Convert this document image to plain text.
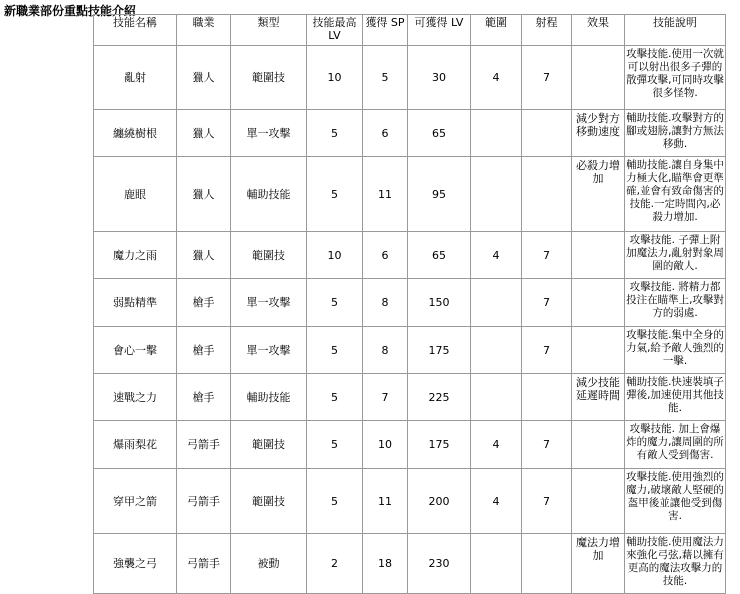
新職業部份重點技能介紹
技能名稱	職業	類型	技能最高 LV	獲得 SP	可獲得 LV	範圍	射程	效果	技能說明
亂射	獵人	範圍技	10	5	30	4	7		攻擊技能.使用一次就可以射出很多子彈的散彈攻擊,可同時攻擊很多怪物.
纏繞樹根	獵人	單一攻擊	5	6	65			減少對方移動速度	輔助技能.攻擊對方的腳或翅膀,讓對方無法移動.
鹿眼	獵人	輔助技能	5	11	95			必殺力增加	輔助技能.讓自身集中力極大化,瞄準會更準確,並會有致命傷害的技能.一定時間內,必殺力增加.
魔力之雨	獵人	範圍技	10	6	65	4	7		攻擊技能. 子彈上附加魔法力,亂射對象周圍的敵人.
弱點精準	槍手	單一攻擊	5	8	150		7		攻擊技能. 將精力都投注在瞄準上,攻擊對方的弱處.
會心一擊	槍手	單一攻擊	5	8	175		7		攻擊技能.集中全身的力氣,給予敵人強烈的一擊.
速戰之力	槍手	輔助技能	5	7	225			減少技能延遲時間	輔助技能.快速裝填子彈後,加速使用其他技能.
爆雨梨花	弓箭手	範圍技	5	10	175	4	7		攻擊技能. 加上會爆炸的魔力,讓周圍的所有敵人受到傷害.
穿甲之箭	弓箭手	範圍技	5	11	200	4	7		攻擊技能.使用強烈的魔力,破壞敵人堅硬的盔甲後並讓他受到傷害.
強襲之弓	弓箭手	被動	2	18	230			魔法力增加	輔助技能.使用魔法力來強化弓弦,藉以擁有更高的魔法攻擊力的技能.
